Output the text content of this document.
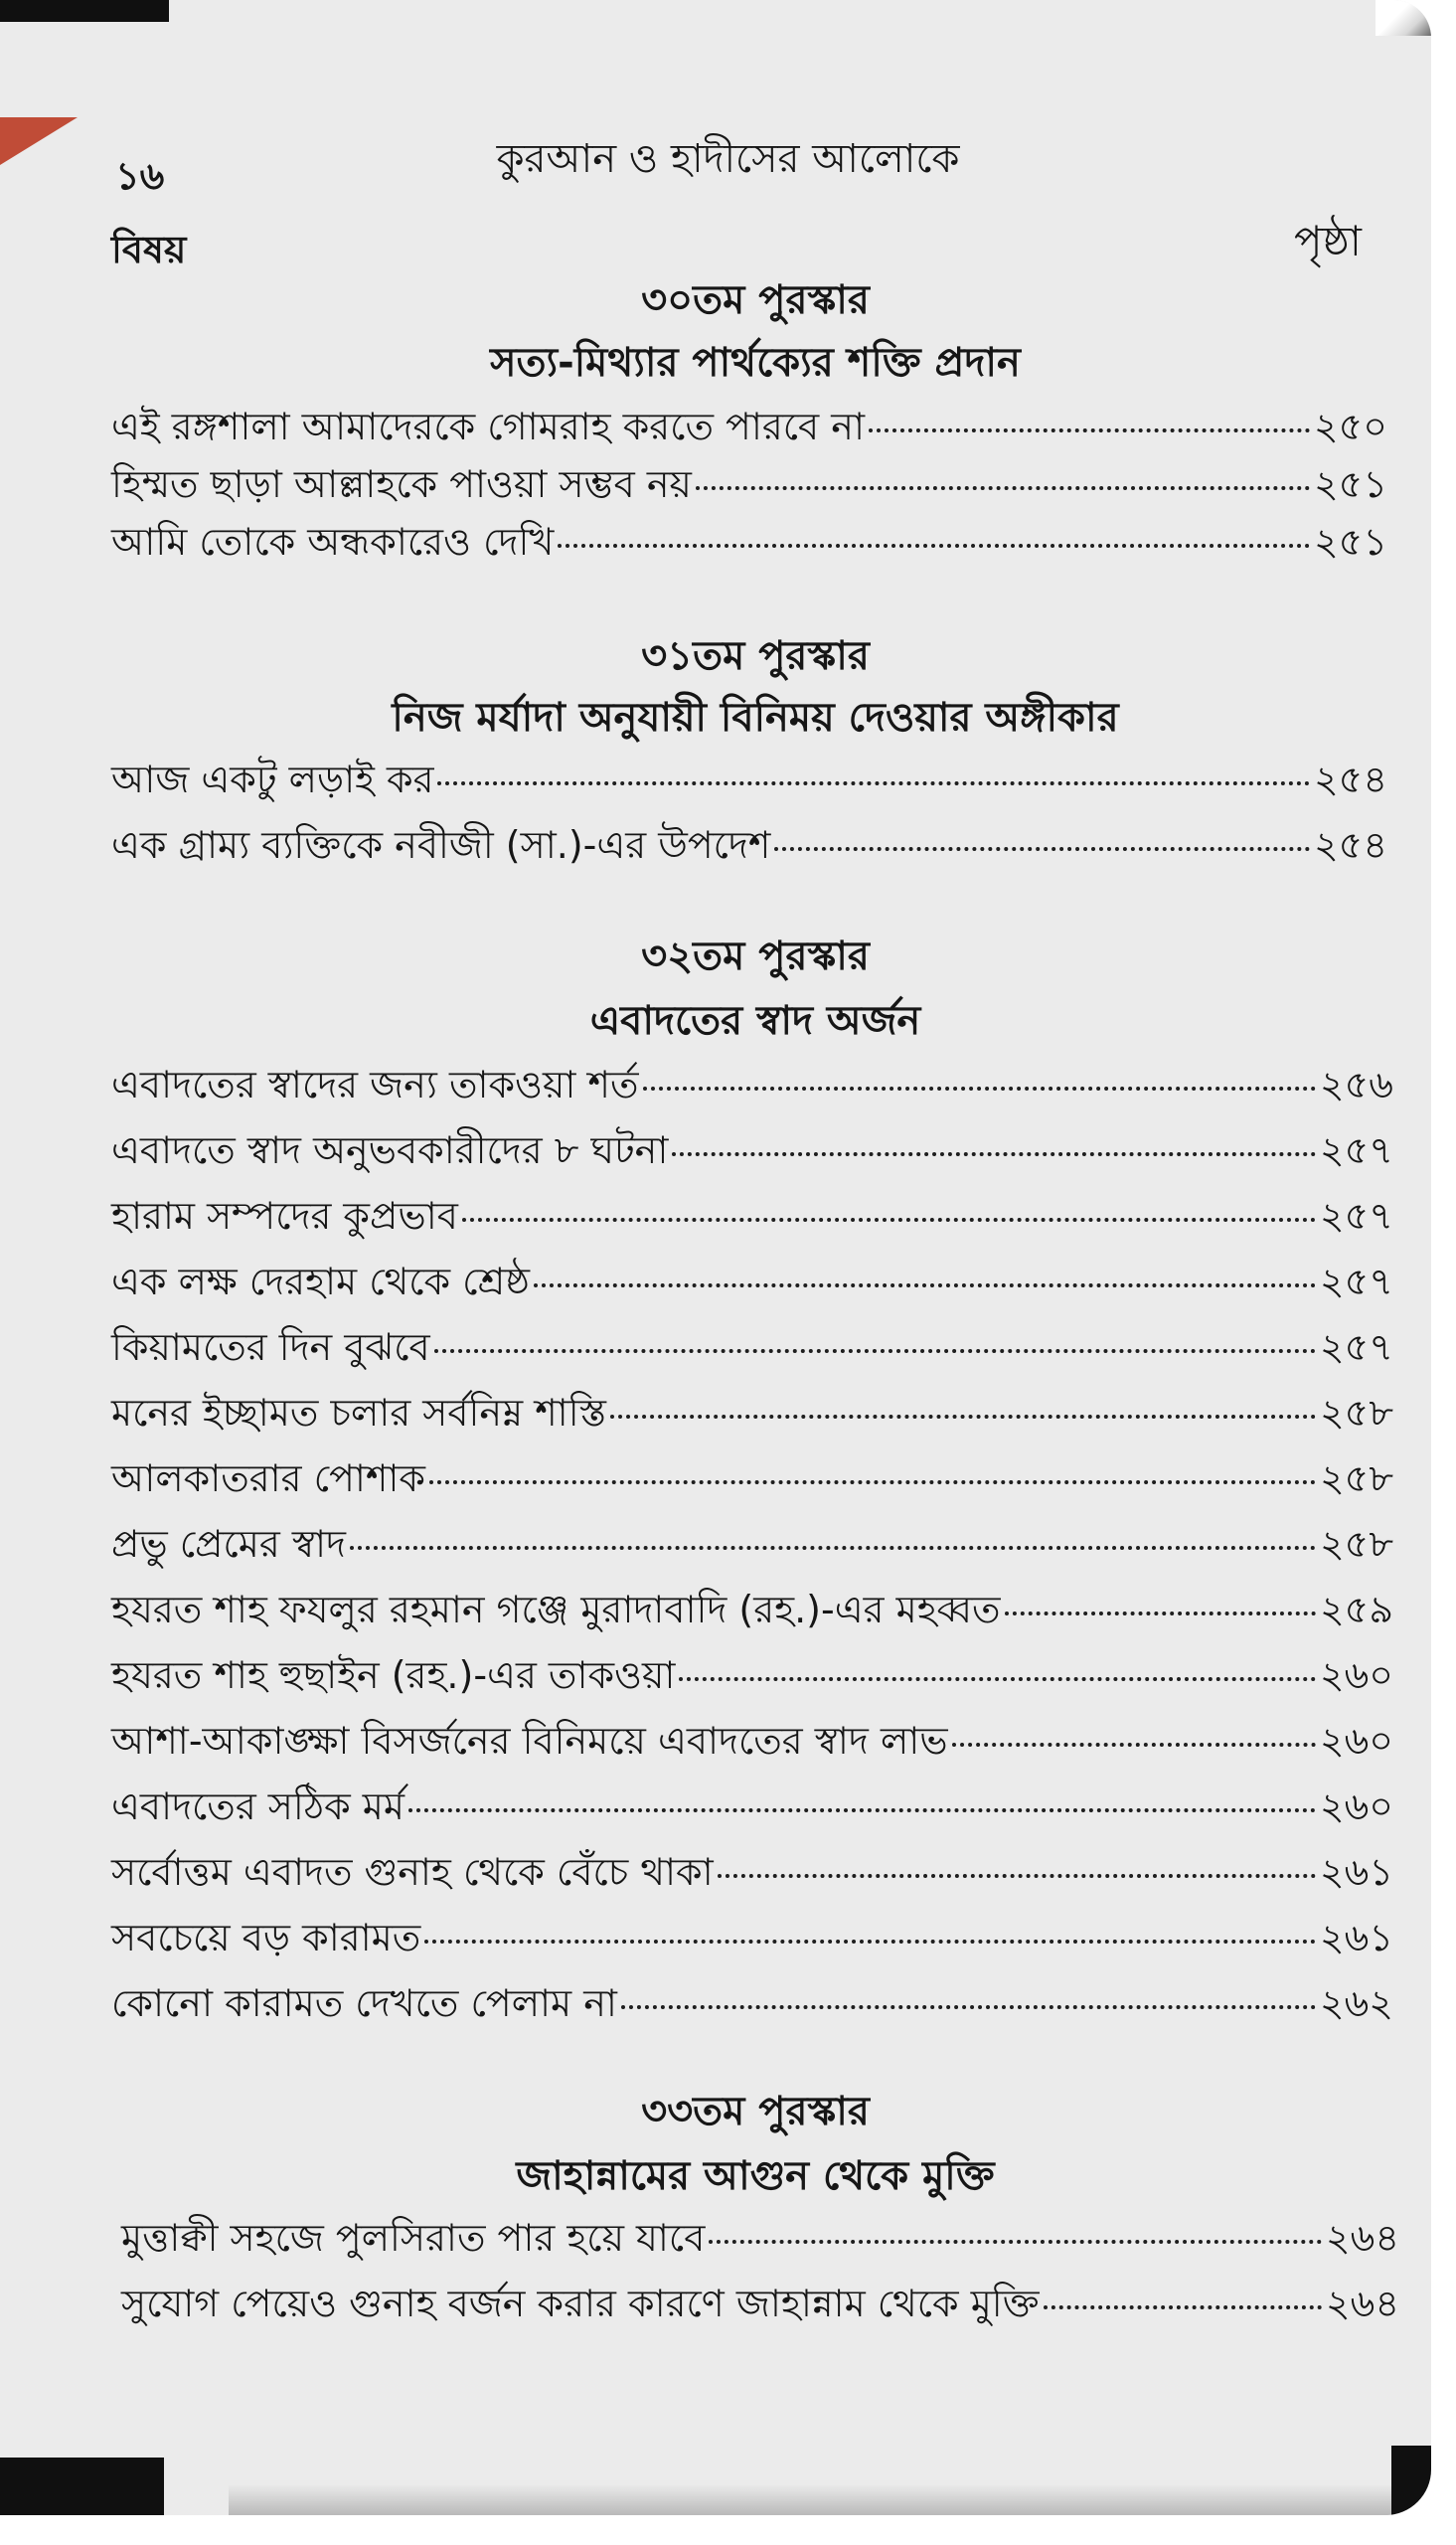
১৬	কুরআন ও হাদীসের আলোকে
বিষয়	পৃষ্ঠা
৩০তম পুরস্কার
সত্য-মিথ্যার পার্থক্যের শক্তি প্রদান
এই রঙ্গশালা আমাদেরকে গোমরাহ করতে পারবে না	২৫০
হিম্মত ছাড়া আল্লাহকে পাওয়া সম্ভব নয়	২৫১
আমি তোকে অন্ধকারেও দেখি	২৫১
৩১তম পুরস্কার
নিজ মর্যাদা অনুযায়ী বিনিময় দেওয়ার অঙ্গীকার
আজ একটু লড়াই কর	২৫৪
এক গ্রাম্য ব্যক্তিকে নবীজী (সা.)-এর উপদেশ	২৫৪
৩২তম পুরস্কার
এবাদতের স্বাদ অর্জন
এবাদতের স্বাদের জন্য তাকওয়া শর্ত	২৫৬
এবাদতে স্বাদ অনুভবকারীদের ৮ ঘটনা	২৫৭
হারাম সম্পদের কুপ্রভাব	২৫৭
এক লক্ষ দেরহাম থেকে শ্রেষ্ঠ	২৫৭
কিয়ামতের দিন বুঝবে	২৫৭
মনের ইচ্ছামত চলার সর্বনিম্ন শাস্তি	২৫৮
আলকাতরার পোশাক	২৫৮
প্রভু প্রেমের স্বাদ	২৫৮
হযরত শাহ ফযলুর রহমান গঞ্জে মুরাদাবাদি (রহ.)-এর মহব্বত	২৫৯
হযরত শাহ হুছাইন (রহ.)-এর তাকওয়া	২৬০
আশা-আকাঙ্ক্ষা বিসর্জনের বিনিময়ে এবাদতের স্বাদ লাভ	২৬০
এবাদতের সঠিক মর্ম	২৬০
সর্বোত্তম এবাদত গুনাহ থেকে বেঁচে থাকা	২৬১
সবচেয়ে বড় কারামত	২৬১
কোনো কারামত দেখতে পেলাম না	২৬২
৩৩তম পুরস্কার
জাহান্নামের আগুন থেকে মুক্তি
মুত্তাক্বী সহজে পুলসিরাত পার হয়ে যাবে	২৬৪
সুযোগ পেয়েও গুনাহ বর্জন করার কারণে জাহান্নাম থেকে মুক্তি	২৬৪
